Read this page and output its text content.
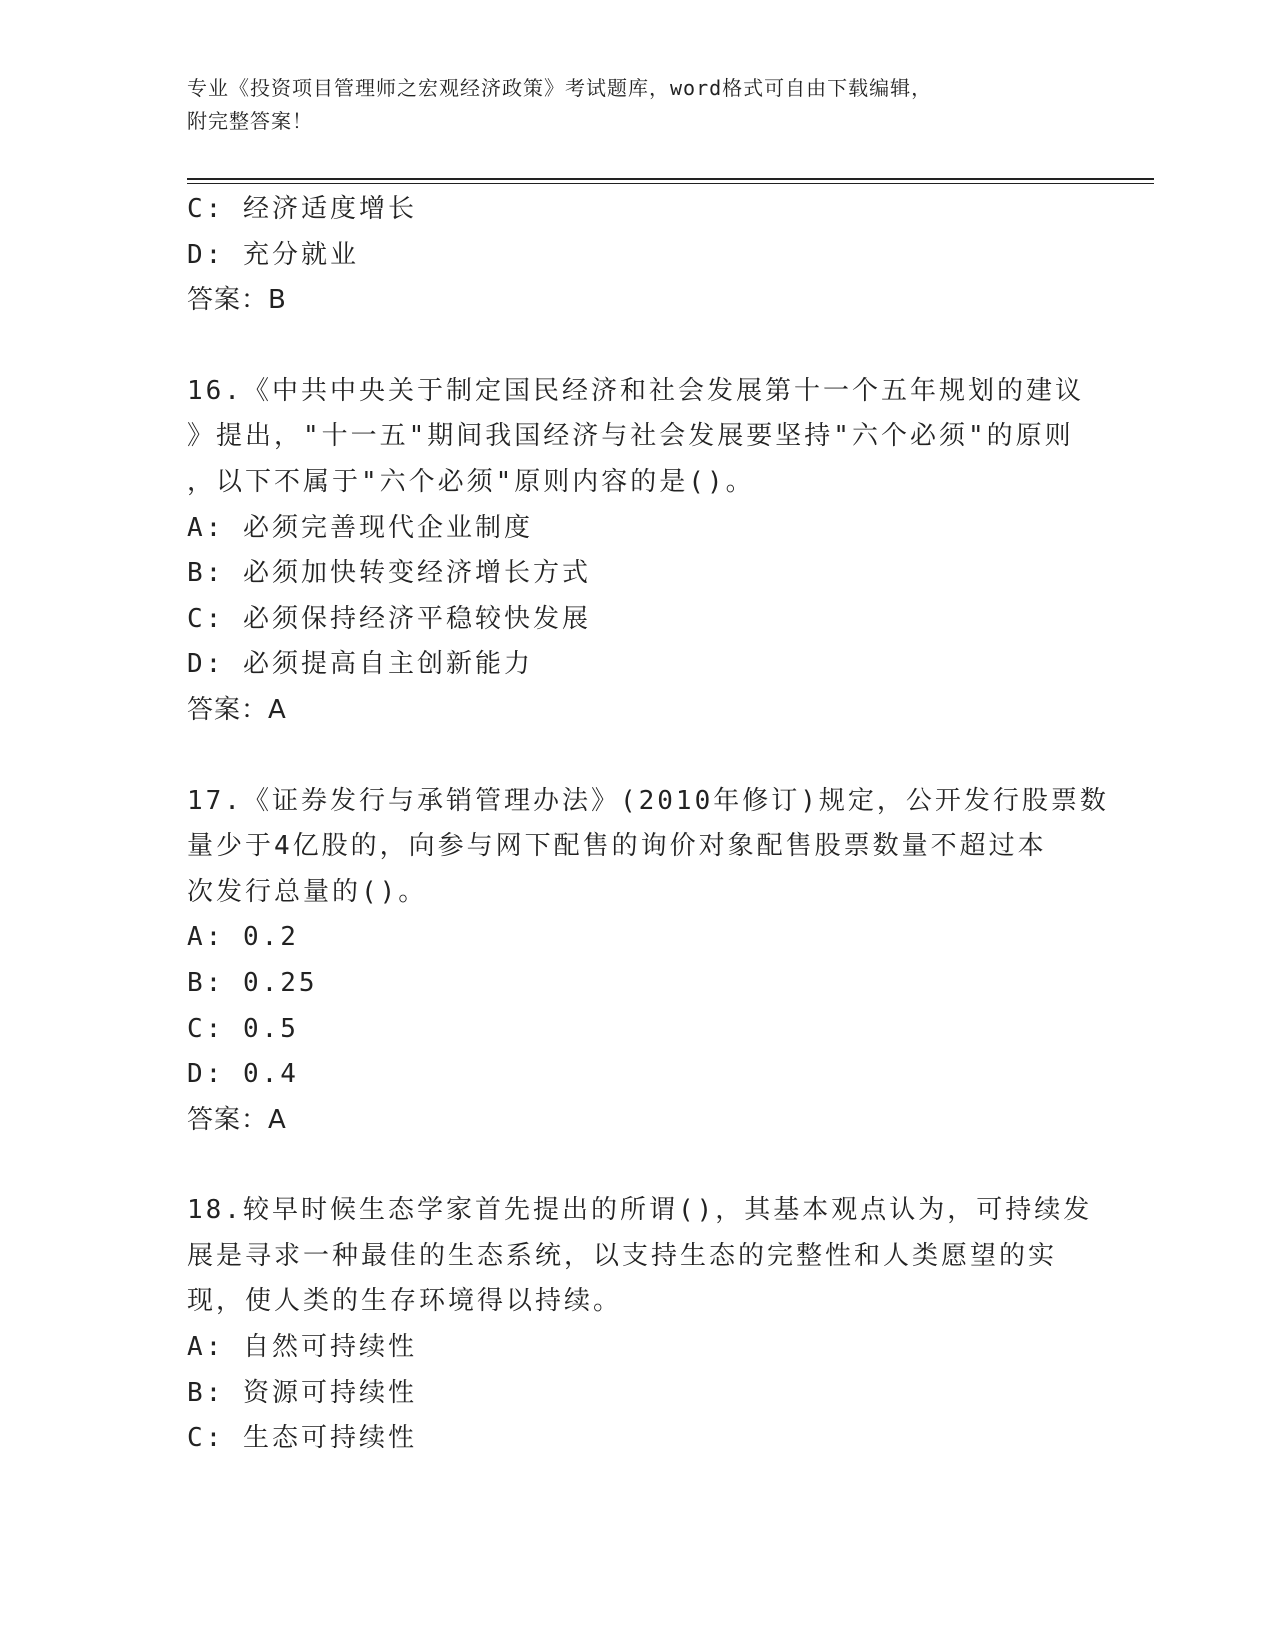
专业《投资项目管理师之宏观经济政策》考试题库，word格式可自由下载编辑，
附完整答案！
C: 经济适度增长
D: 充分就业
答案：B
16.《中共中央关于制定国民经济和社会发展第十一个五年规划的建议
》提出，"十一五"期间我国经济与社会发展要坚持"六个必须"的原则
，以下不属于"六个必须"原则内容的是()。
A: 必须完善现代企业制度
B: 必须加快转变经济增长方式
C: 必须保持经济平稳较快发展
D: 必须提高自主创新能力
答案：A
17.《证券发行与承销管理办法》(2010年修订)规定，公开发行股票数
量少于4亿股的，向参与网下配售的询价对象配售股票数量不超过本
次发行总量的()。
A: 0.2
B: 0.25
C: 0.5
D: 0.4
答案：A
18.较早时候生态学家首先提出的所谓()，其基本观点认为，可持续发
展是寻求一种最佳的生态系统，以支持生态的完整性和人类愿望的实
现，使人类的生存环境得以持续。
A: 自然可持续性
B: 资源可持续性
C: 生态可持续性
